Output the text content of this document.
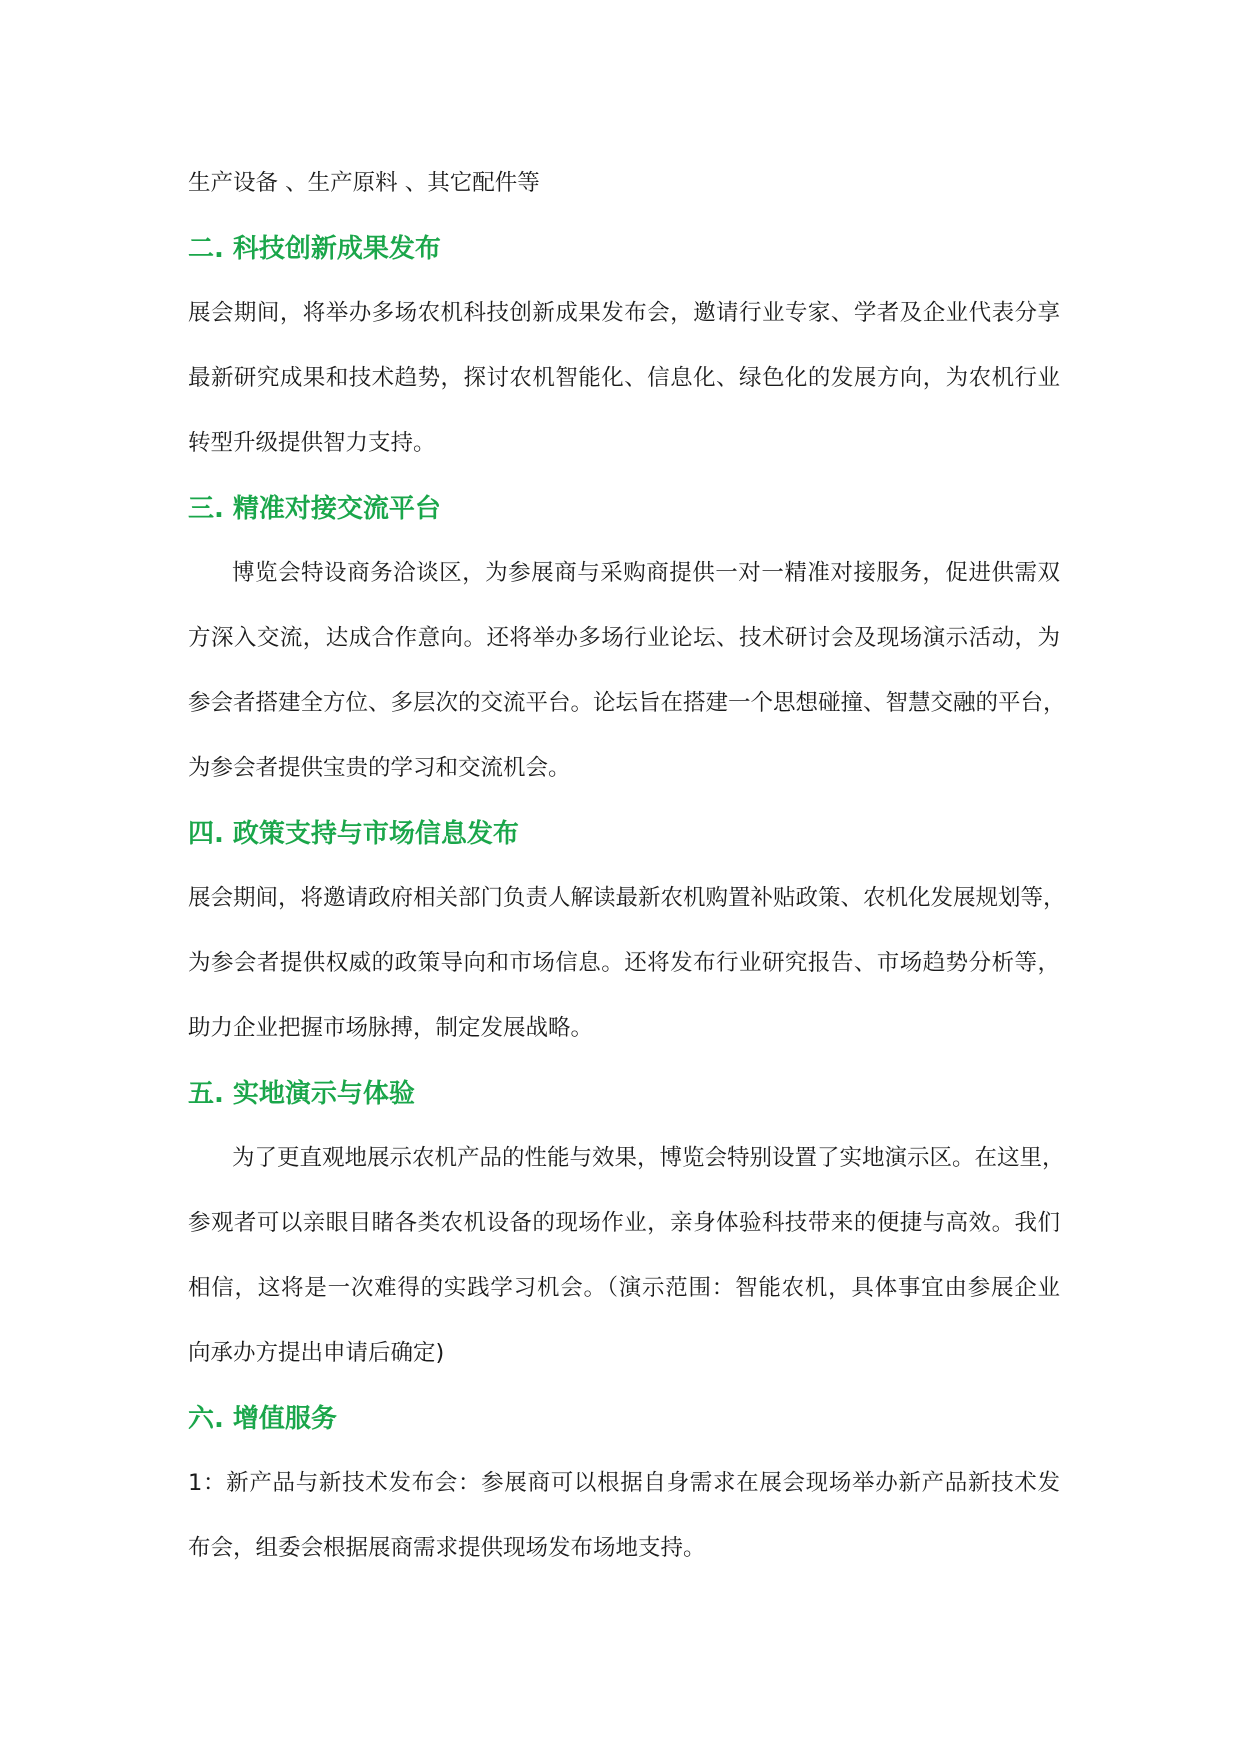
生产设备 、生产原料 、其它配件等
二. 科技创新成果发布
展会期间，将举办多场农机科技创新成果发布会，邀请行业专家、学者及企业代表分享
最新研究成果和技术趋势，探讨农机智能化、信息化、绿色化的发展方向，为农机行业
转型升级提供智力支持。
三. 精准对接交流平台
博览会特设商务洽谈区，为参展商与采购商提供一对一精准对接服务，促进供需双
方深入交流，达成合作意向。还将举办多场行业论坛、技术研讨会及现场演示活动，为
参会者搭建全方位、多层次的交流平台。论坛旨在搭建一个思想碰撞、智慧交融的平台，
为参会者提供宝贵的学习和交流机会。
四. 政策支持与市场信息发布
展会期间，将邀请政府相关部门负责人解读最新农机购置补贴政策、农机化发展规划等，
为参会者提供权威的政策导向和市场信息。还将发布行业研究报告、市场趋势分析等，
助力企业把握市场脉搏，制定发展战略。
五. 实地演示与体验
为了更直观地展示农机产品的性能与效果，博览会特别设置了实地演示区。在这里，
参观者可以亲眼目睹各类农机设备的现场作业，亲身体验科技带来的便捷与高效。我们
相信，这将是一次难得的实践学习机会。（演示范围：智能农机，具体事宜由参展企业
向承办方提出申请后确定)
六. 增值服务
1：新产品与新技术发布会：参展商可以根据自身需求在展会现场举办新产品新技术发
布会，组委会根据展商需求提供现场发布场地支持。
